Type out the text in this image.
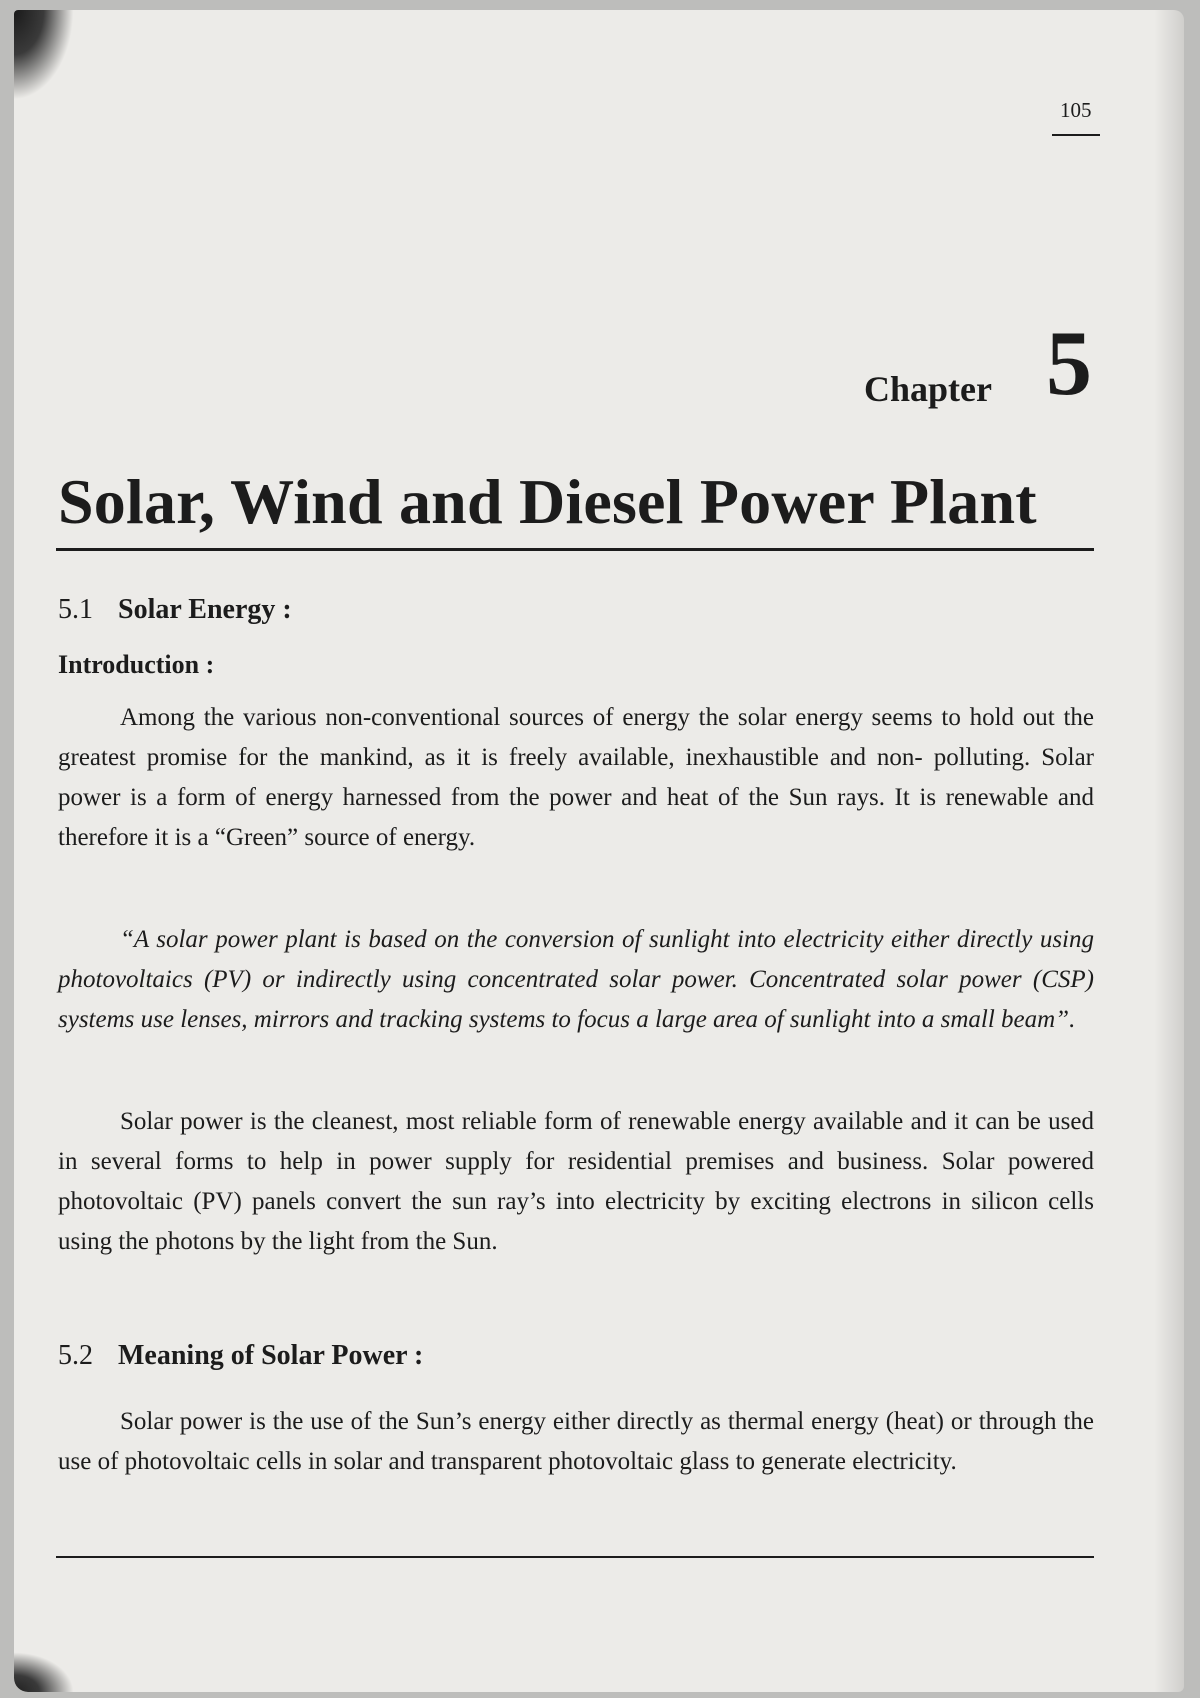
105
Chapter 5
Solar, Wind and Diesel Power Plant
5.1 Solar Energy :
Introduction :

Among the various non-conventional sources of energy the solar energy seems to hold out the greatest promise for the mankind, as it is freely available, inexhaustible and non- polluting. Solar power is a form of energy harnessed from the power and heat of the Sun rays. It is renewable and therefore it is a “Green” source of energy.

“A solar power plant is based on the conversion of sunlight into electricity either directly using photovoltaics (PV) or indirectly using concentrated solar power. Concentrated solar power (CSP) systems use lenses, mirrors and tracking systems to focus a large area of sunlight into a small beam”.

Solar power is the cleanest, most reliable form of renewable energy available and it can be used in several forms to help in power supply for residential premises and business. Solar powered photovoltaic (PV) panels convert the sun ray’s into electricity by exciting electrons in silicon cells using the photons by the light from the Sun.

5.2 Meaning of Solar Power :

Solar power is the use of the Sun’s energy either directly as thermal energy (heat) or through the use of photovoltaic cells in solar and transparent photovoltaic glass to generate electricity.
